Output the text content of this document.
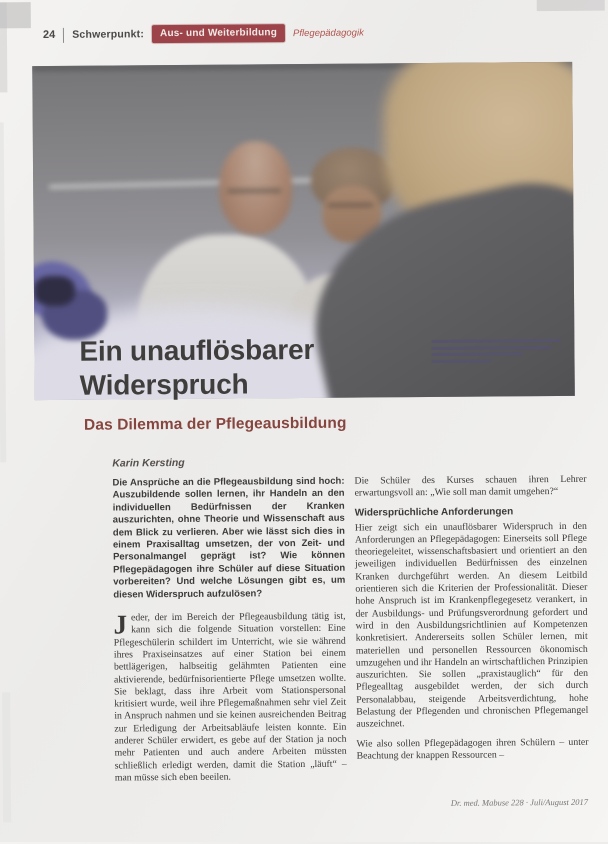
24 Schwerpunkt:	Aus- und Weiterbildung	Pflegepädagogik
Ein unauflösbarer Widerspruch
Das Dilemma der Pflegeausbildung
Karin Kersting

Die Ansprüche an die Pflegeausbildung sind hoch: Auszubildende sollen lernen, ihr Handeln an den individuellen Bedürfnissen der Kranken auszurichten, ohne Theorie und Wissenschaft aus dem Blick zu verlieren. Aber wie lässt sich dies in einem Praxisalltag umsetzen, der von Zeit- und Personalmangel geprägt ist? Wie können Pflegepädagogen ihre Schüler auf diese Situation vorbereiten? Und welche Lösungen gibt es, um diesen Widerspruch aufzulösen?

Jeder, der im Bereich der Pflegeausbildung tätig ist, kann sich die folgende Situation vorstellen: Eine Pflegeschülerin schildert im Unterricht, wie sie während ihres Praxiseinsatzes auf einer Station bei einem bettlägerigen, halbseitig gelähmten Patienten eine aktivierende, bedürfnisorientierte Pflege umsetzen wollte. Sie beklagt, dass ihre Arbeit vom Stationspersonal kritisiert wurde, weil ihre Pflegemaßnahmen sehr viel Zeit in Anspruch nahmen und sie keinen ausreichenden Beitrag zur Erledigung der Arbeitsabläufe leisten konnte. Ein anderer Schüler erwidert, es gebe auf der Station ja noch mehr Patienten und auch andere Arbeiten müssten schließlich erledigt werden, damit die Station „läuft“ – man müsse sich eben beeilen.

Die Schüler des Kurses schauen ihren Lehrer erwartungsvoll an: „Wie soll man damit umgehen?“

Widersprüchliche Anforderungen

Hier zeigt sich ein unauflösbarer Widerspruch in den Anforderungen an Pflegepädagogen: Einerseits soll Pflege theoriegeleitet, wissenschaftsbasiert und orientiert an den jeweiligen individuellen Bedürfnissen des einzelnen Kranken durchgeführt werden. An diesem Leitbild orientieren sich die Kriterien der Professionalität. Dieser hohe Anspruch ist im Krankenpflegegesetz verankert, in der Ausbildungs- und Prüfungsverordnung gefordert und wird in den Ausbildungsrichtlinien auf Kompetenzen konkretisiert. Andererseits sollen Schüler lernen, mit materiellen und personellen Ressourcen ökonomisch umzugehen und ihr Handeln an wirtschaftlichen Prinzipien auszurichten. Sie sollen „praxistauglich“ für den Pflegealltag ausgebildet werden, der sich durch Personalabbau, steigende Arbeitsverdichtung, hohe Belastung der Pflegenden und chronischen Pflegemangel auszeichnet.

Wie also sollen Pflegepädagogen ihren Schülern – unter Beachtung der knappen Ressourcen –

Dr. med. Mabuse 228 · Juli/August 2017
